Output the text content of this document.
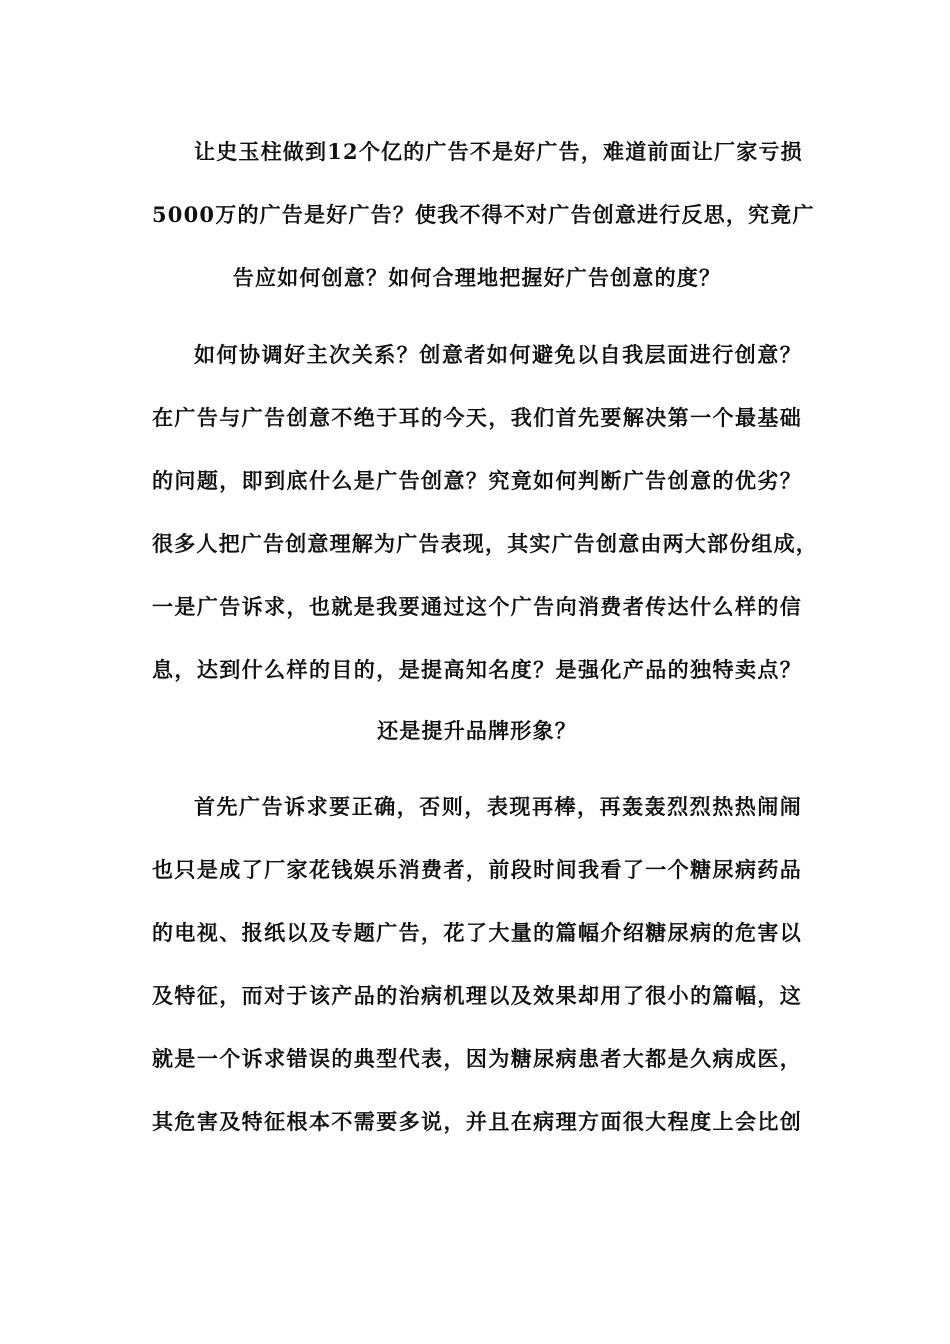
让史玉柱做到12个亿的广告不是好广告，难道前面让厂家亏损
5000万的广告是好广告？使我不得不对广告创意进行反思，究竟广
告应如何创意？如何合理地把握好广告创意的度？
如何协调好主次关系？创意者如何避免以自我层面进行创意？
在广告与广告创意不绝于耳的今天，我们首先要解决第一个最基础
的问题，即到底什么是广告创意？究竟如何判断广告创意的优劣？
很多人把广告创意理解为广告表现，其实广告创意由两大部份组成，
一是广告诉求，也就是我要通过这个广告向消费者传达什么样的信
息，达到什么样的目的，是提高知名度？是强化产品的独特卖点？
还是提升品牌形象？
首先广告诉求要正确，否则，表现再棒，再轰轰烈烈热热闹闹
也只是成了厂家花钱娱乐消费者，前段时间我看了一个糖尿病药品
的电视、报纸以及专题广告，花了大量的篇幅介绍糖尿病的危害以
及特征，而对于该产品的治病机理以及效果却用了很小的篇幅，这
就是一个诉求错误的典型代表，因为糖尿病患者大都是久病成医，
其危害及特征根本不需要多说，并且在病理方面很大程度上会比创
